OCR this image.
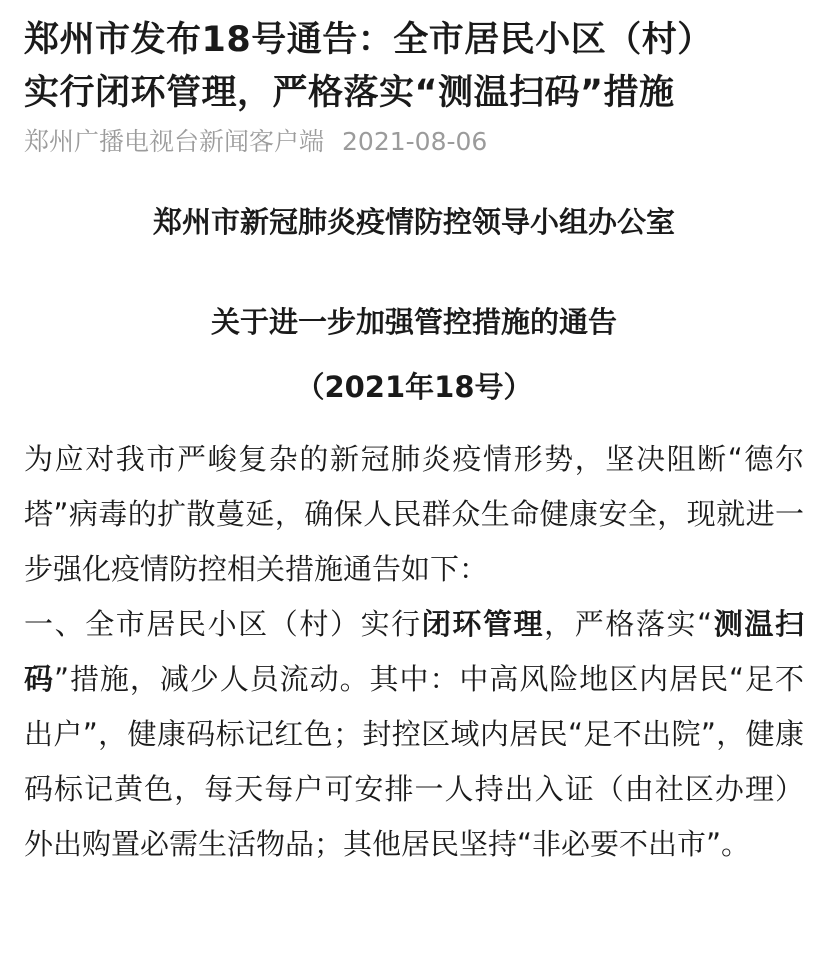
郑州市发布18号通告：全市居民小区（村）
实行闭环管理，严格落实“测温扫码”措施
郑州广播电视台新闻客户端 2021-08-06
郑州市新冠肺炎疫情防控领导小组办公室
关于进一步加强管控措施的通告
（2021年18号）

为应对我市严峻复杂的新冠肺炎疫情形势，坚决阻断“德尔塔”病毒的扩散蔓延，确保人民群众生命健康安全，现就进一步强化疫情防控相关措施通告如下：

一、全市居民小区（村）实行闭环管理，严格落实“测温扫码”措施，减少人员流动。其中：中高风险地区内居民“足不出户”，健康码标记红色；封控区域内居民“足不出院”，健康码标记黄色，每天每户可安排一人持出入证（由社区办理）外出购置必需生活物品；其他居民坚持“非必要不出市”。
